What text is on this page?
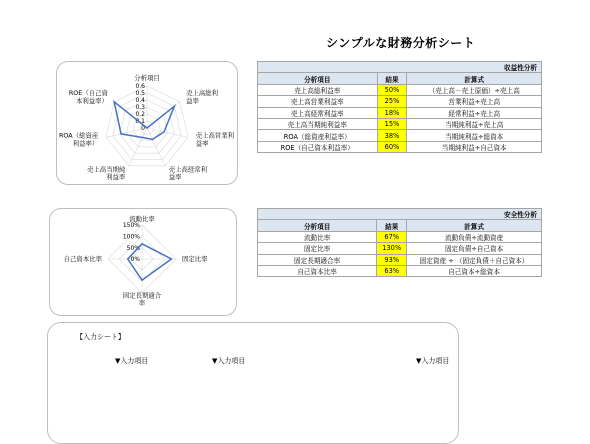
シンプルな財務分析シート
0
0.1
0.2
0.3
0.4
0.5
0.6
分析項目
売上高総利益率
売上高営業利益率
売上高経常利益率
売上高当期純利益率
ROA（総資産利益率）
ROE（自己資本利益率）
0%
50%
100%
150%
流動比率
固定比率
固定長期適合率
自己資本比率
収益性分析		
分析項目	結果	計算式
売上高総利益率	50%	（売上高－売上原価）÷売上高
売上高営業利益率	25%	営業利益÷売上高
売上高経常利益率	18%	経常利益÷売上高
売上高当期純利益率	15%	当期純利益÷売上高
ROA（総資産利益率）	38%	当期純利益÷総資本
ROE（自己資本利益率）	60%	当期純利益÷自己資本
安全性分析		
分析項目	結果	計算式
流動比率	67%	流動負債÷流動資産
固定比率	130%	固定負債÷自己資本
固定長期適合率	93%	固定資産 ÷ （固定負債＋自己資本）
自己資本比率	63%	自己資本÷総資本
【入力シート】
▼入力項目	▼入力項目	▼入力項目
